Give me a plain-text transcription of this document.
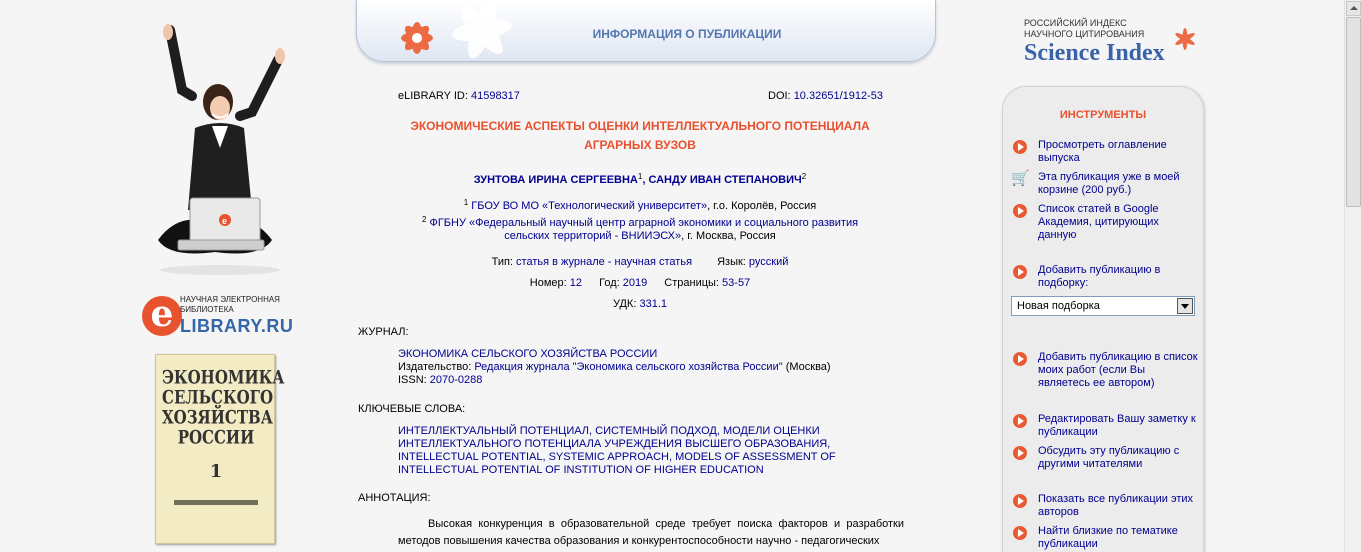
e
e НАУЧНАЯ ЭЛЕКТРОННАЯ БИБЛИОТЕКА
LIBRARY.RU
ЭКОНОМИКА СЕЛЬСКОГО ХОЗЯЙСТВА РОССИИ
1
ИНФОРМАЦИЯ О ПУБЛИКАЦИИ
eLIBRARY ID: 41598317	DOI: 10.32651/1912-53
ЭКОНОМИЧЕСКИЕ АСПЕКТЫ ОЦЕНКИ ИНТЕЛЛЕКТУАЛЬНОГО ПОТЕНЦИАЛА АГРАРНЫХ ВУЗОВ
ЗУНТОВА ИРИНА СЕРГЕЕВНА$^1$, САНДУ ИВАН СТЕПАНОВИЧ$^2$
$^1$ ГБОУ ВО МО «Технологический университет», г.о. Королёв, Россия
$^2$ ФГБНУ «Федеральный научный центр аграрной экономики и социального развития сельских территорий - ВНИИЭСХ», г. Москва, Россия
Тип: статья в журнале - научная статья Язык: русский
Номер: 12 Год: 2019 Страницы: 53-57
УДК: 331.1
ЖУРНАЛ:
ЭКОНОМИКА СЕЛЬСКОГО ХОЗЯЙСТВА РОССИИ
Издательство: Редакция журнала "Экономика сельского хозяйства России" (Москва)
ISSN: 2070-0288
КЛЮЧЕВЫЕ СЛОВА:
ИНТЕЛЛЕКТУАЛЬНЫЙ ПОТЕНЦИАЛ, СИСТЕМНЫЙ ПОДХОД, МОДЕЛИ ОЦЕНКИ ИНТЕЛЛЕКТУАЛЬНОГО ПОТЕНЦИАЛА УЧРЕЖДЕНИЯ ВЫСШЕГО ОБРАЗОВАНИЯ, INTELLECTUAL POTENTIAL, SYSTEMIC APPROACH, MODELS OF ASSESSMENT OF INTELLECTUAL POTENTIAL OF INSTITUTION OF HIGHER EDUCATION
АННОТАЦИЯ:
Высокая конкуренция в образовательной среде требует поиска факторов и разработки методов повышения качества образования и конкурентоспособности научно - педагогических
РОССИЙСКИЙ ИНДЕКС
НАУЧНОГО ЦИТИРОВАНИЯ
Science Index
ИНСТРУМЕНТЫ
Просмотреть оглавление выпуска
🛒 Эта публикация уже в моей корзине (200 руб.)
Список статей в Google Академия, цитирующих данную
Добавить публикацию в подборку:
Новая подборка
Добавить публикацию в список моих работ (если Вы являетесь ее автором)
Редактировать Вашу заметку к публикации
Обсудить эту публикацию с другими читателями
Показать все публикации этих авторов
Найти близкие по тематике публикации
